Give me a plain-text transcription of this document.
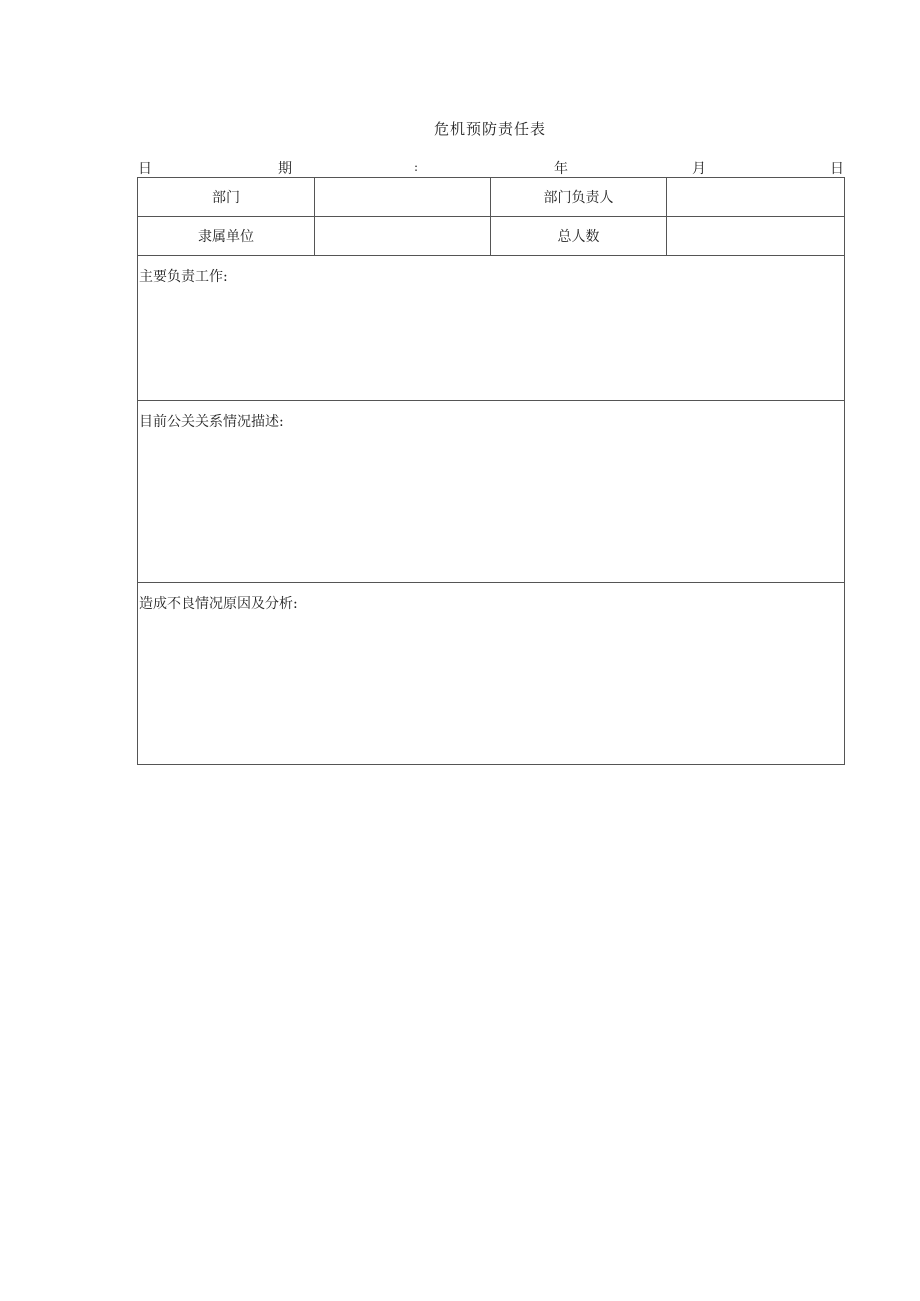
危机预防责任表
日	期	:	年	月	日
部门		部门负责人	
隶属单位		总人数	

主要负责工作:			

目前公关关系情况描述:			

造成不良情况原因及分析:			
